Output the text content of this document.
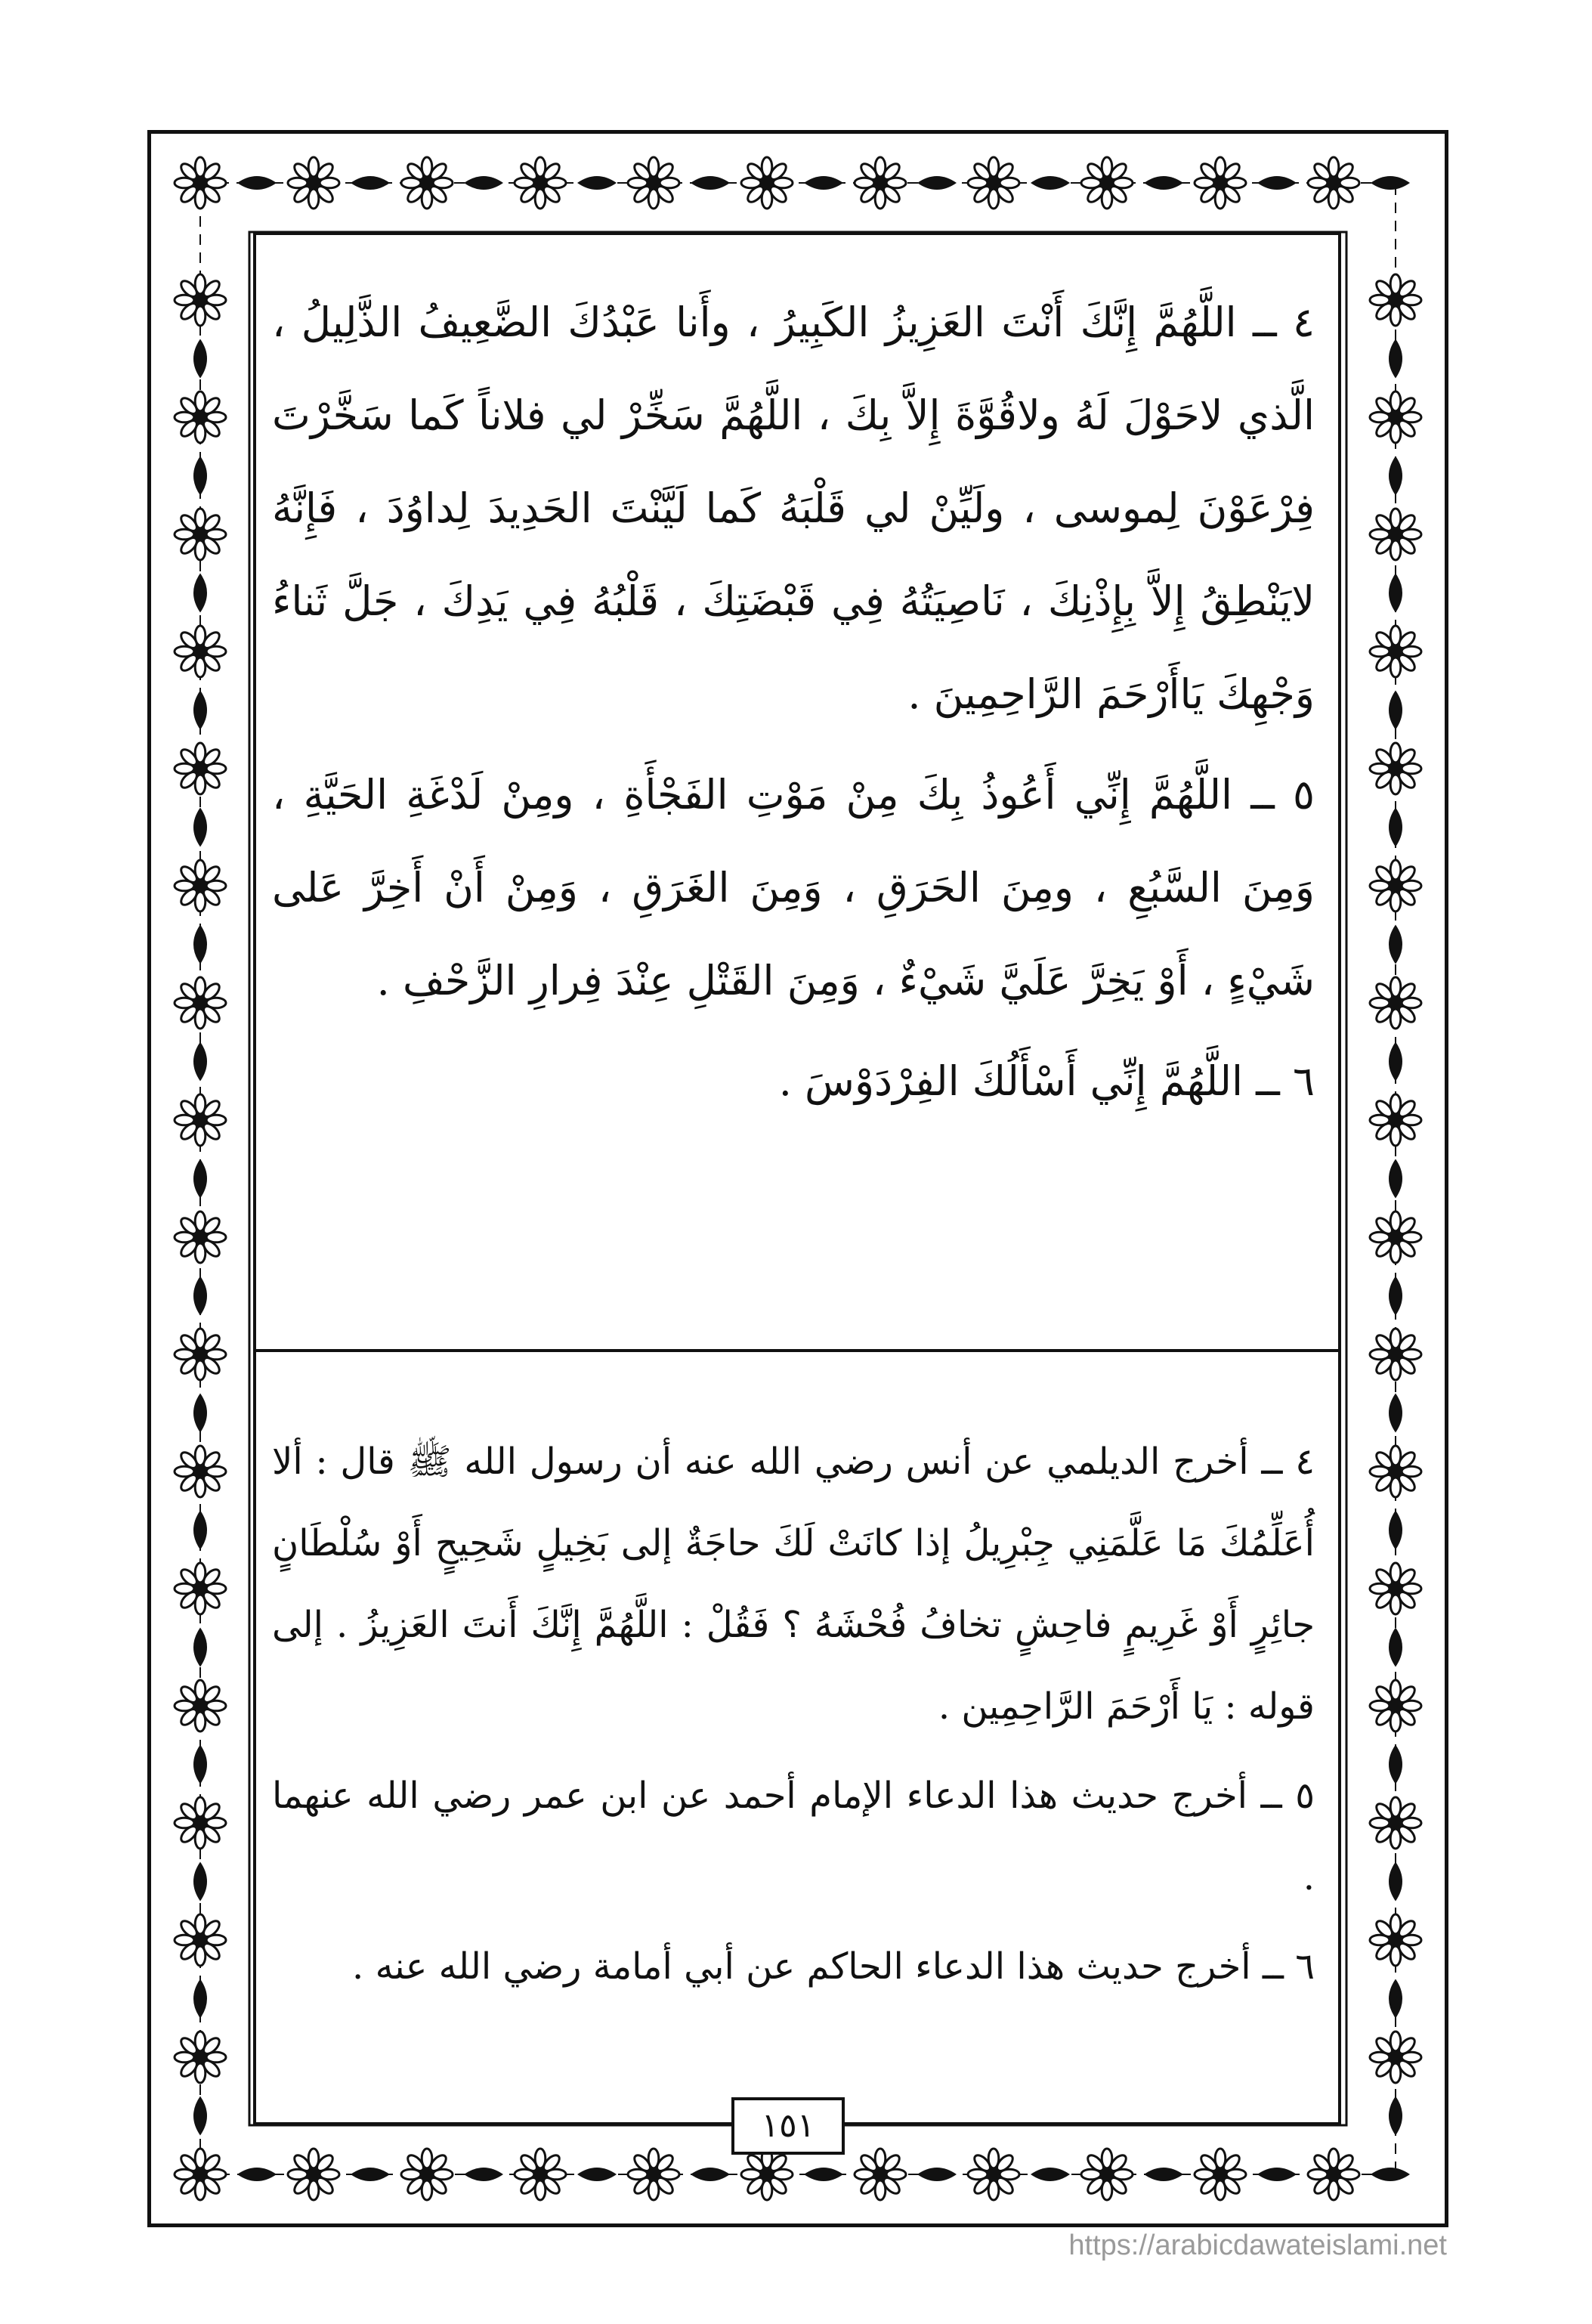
٤ ــ اللَّهُمَّ إِنَّكَ أَنْتَ العَزِيزُ الكَبِيرُ ، وأَنا عَبْدُكَ الضَّعِيفُ الذَّلِيلُ ، الَّذي لاحَوْلَ لَهُ ولاقُوَّةَ إِلاَّ بِكَ ، اللَّهُمَّ سَخِّرْ لي فلاناً كَما سَخَّرْتَ فِرْعَوْنَ لِموسى ، ولَيِّنْ لي قَلْبَهُ كَما لَيَّنْتَ الحَدِيدَ لِداوُدَ ، فَإِنَّهُ لايَنْطِقُ إِلاَّ بِإِذْنِكَ ، نَاصِيَتُهُ فِي قَبْضَتِكَ ، قَلْبُهُ فِي يَدِكَ ، جَلَّ ثَناءُ وَجْهِكَ يَاأَرْحَمَ الرَّاحِمِينَ .

٥ ــ اللَّهُمَّ إِنِّي أَعُوذُ بِكَ مِنْ مَوْتِ الفَجْأَةِ ، ومِنْ لَدْغَةِ الحَيَّةِ ، وَمِنَ السَّبُعِ ، ومِنَ الحَرَقِ ، وَمِنَ الغَرَقِ ، وَمِنْ أَنْ أَخِرَّ عَلى شَيْءٍ ، أَوْ يَخِرَّ عَلَيَّ شَيْءٌ ، وَمِنَ القَتْلِ عِنْدَ فِرارِ الزَّحْفِ .

٦ ــ اللَّهُمَّ إِنِّي أَسْأَلُكَ الفِرْدَوْسَ .

٤ ــ أخرج الديلمي عن أنس رضي الله عنه أن رسول الله ﷺ قال : ألا أُعَلِّمُكَ مَا عَلَّمَنِي جِبْرِيلُ إذا كانَتْ لَكَ حاجَةٌ إلى بَخِيلٍ شَحِيحٍ أَوْ سُلْطَانٍ جائِرٍ أَوْ غَرِيمٍ فاحِشٍ تخافُ فُحْشَهُ ؟ فَقُلْ : اللَّهُمَّ إِنَّكَ أَنتَ العَزِيزُ . إلى قوله : يَا أَرْحَمَ الرَّاحِمِين .

٥ ــ أخرج حديث هذا الدعاء الإمام أحمد عن ابن عمر رضي الله عنهما .

٦ ــ أخرج حديث هذا الدعاء الحاكم عن أبي أمامة رضي الله عنه .

١٥١
https://arabicdawateislami.net
